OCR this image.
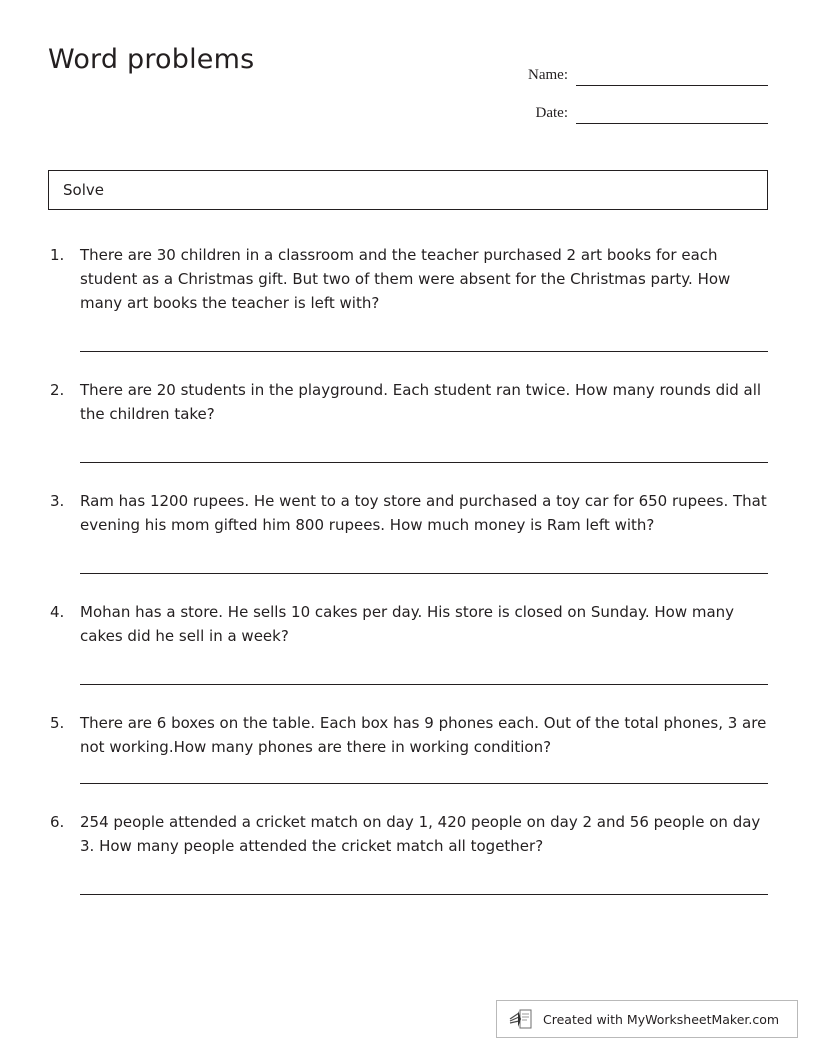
Word problems	Name:
Date:
Solve
1.	There are 30 children in a classroom and the teacher purchased 2 art books for each student as a Christmas gift. But two of them were absent for the Christmas party. How many art books the teacher is left with?
2.	There are 20 students in the playground. Each student ran twice. How many rounds did all the children take?
3.	Ram has 1200 rupees. He went to a toy store and purchased a toy car for 650 rupees. That evening his mom gifted him 800 rupees. How much money is Ram left with?
4.	Mohan has a store. He sells 10 cakes per day. His store is closed on Sunday. How many cakes did he sell in a week?
5.	There are 6 boxes on the table. Each box has 9 phones each. Out of the total phones, 3 are not working.How many phones are there in working condition?
6.	254 people attended a cricket match on day 1, 420 people on day 2 and 56 people on day 3. How many people attended the cricket match all together?
Created with MyWorksheetMaker.com
